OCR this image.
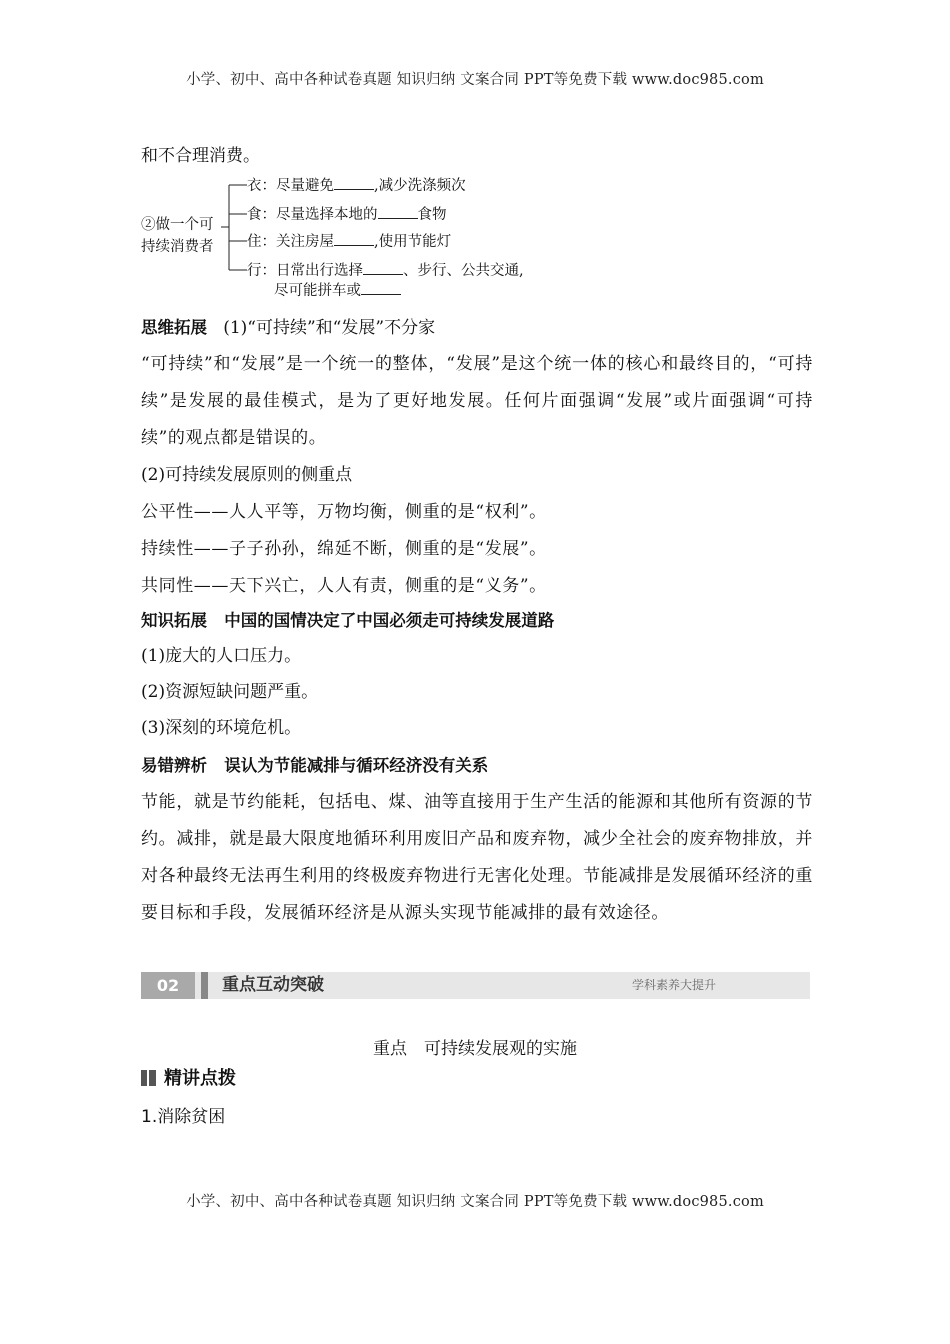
小学、初中、高中各种试卷真题 知识归纳 文案合同 PPT等免费下载 www.doc985.com

和不合理消费。

②做一个可
持续消费者
衣：尽量避免	,减少洗涤频次
食：尽量选择本地的	食物
住：关注房屋	,使用节能灯
行：日常出行选择	、步行、公共交通,
尽可能拼车或

思维拓展 (1)“可持续”和“发展”不分家

“可持续”和“发展”是一个统一的整体，“发展”是这个统一体的核心和最终目的，“可持续”是发展的最佳模式，是为了更好地发展。任何片面强调“发展”或片面强调“可持续”的观点都是错误的。

(2)可持续发展原则的侧重点

公平性——人人平等，万物均衡，侧重的是“权利”。

持续性——子子孙孙，绵延不断，侧重的是“发展”。

共同性——天下兴亡，人人有责，侧重的是“义务”。

知识拓展 中国的国情决定了中国必须走可持续发展道路

(1)庞大的人口压力。

(2)资源短缺问题严重。

(3)深刻的环境危机。

易错辨析 误认为节能减排与循环经济没有关系

节能，就是节约能耗，包括电、煤、油等直接用于生产生活的能源和其他所有资源的节约。减排，就是最大限度地循环利用废旧产品和废弃物，减少全社会的废弃物排放，并对各种最终无法再生利用的终极废弃物进行无害化处理。节能减排是发展循环经济的重要目标和手段，发展循环经济是从源头实现节能减排的最有效途径。

02	重点互动突破	学科素养大提升
重点　可持续发展观的实施
精讲点拨
1.消除贫困
小学、初中、高中各种试卷真题 知识归纳 文案合同 PPT等免费下载 www.doc985.com
